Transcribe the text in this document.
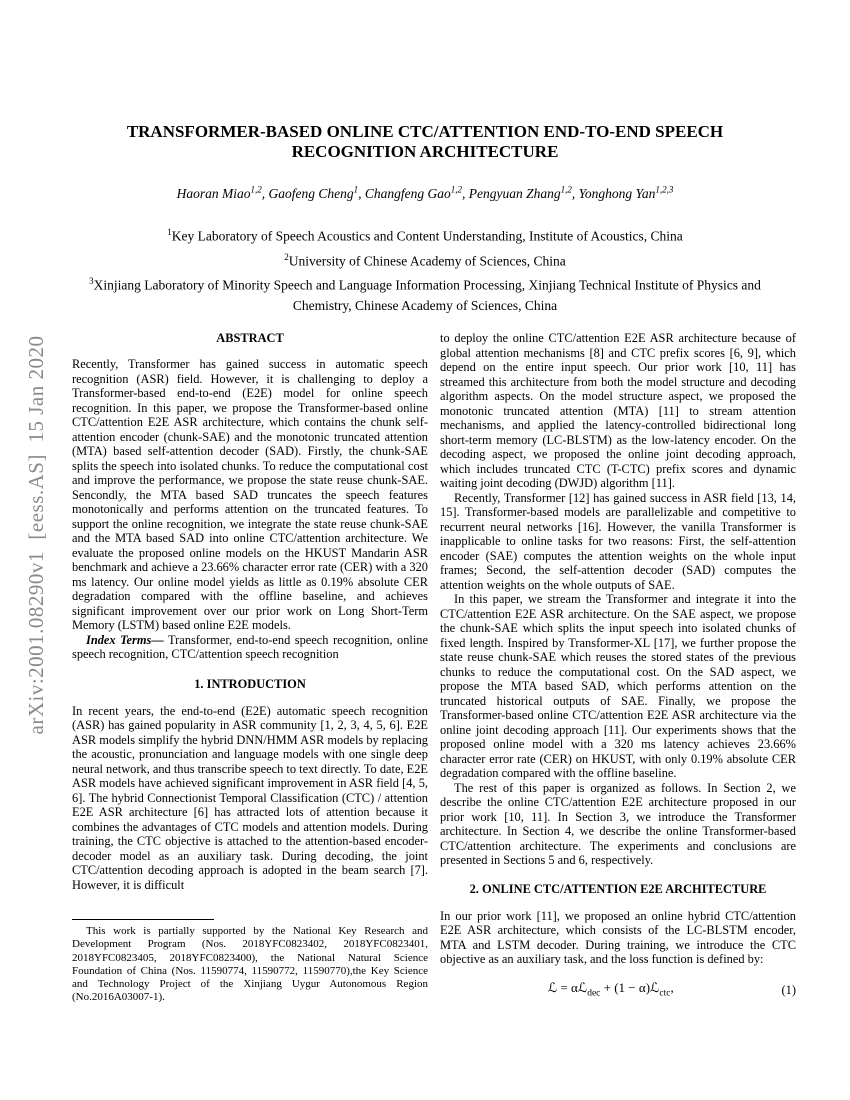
arXiv:2001.08290v1  [eess.AS]  15 Jan 2020
TRANSFORMER-BASED ONLINE CTC/ATTENTION END-TO-END SPEECH
RECOGNITION ARCHITECTURE
Haoran Miao$^{1,2}$, Gaofeng Cheng$^1$, Changfeng Gao$^{1,2}$, Pengyuan Zhang$^{1,2}$, Yonghong Yan$^{1,2,3}$
$^1$Key Laboratory of Speech Acoustics and Content Understanding, Institute of Acoustics, China
$^2$University of Chinese Academy of Sciences, China
$^3$Xinjiang Laboratory of Minority Speech and Language Information Processing, Xinjiang Technical Institute of Physics and Chemistry, Chinese Academy of Sciences, China
ABSTRACT

Recently, Transformer has gained success in automatic speech recognition (ASR) field. However, it is challenging to deploy a Transformer-based end-to-end (E2E) model for online speech recognition. In this paper, we propose the Transformer-based online CTC/attention E2E ASR architecture, which contains the chunk self-attention encoder (chunk-SAE) and the monotonic truncated attention (MTA) based self-attention decoder (SAD). Firstly, the chunk-SAE splits the speech into isolated chunks. To reduce the computational cost and improve the performance, we propose the state reuse chunk-SAE. Sencondly, the MTA based SAD truncates the speech features monotonically and performs attention on the truncated features. To support the online recognition, we integrate the state reuse chunk-SAE and the MTA based SAD into online CTC/attention architecture. We evaluate the proposed online models on the HKUST Mandarin ASR benchmark and achieve a 23.66% character error rate (CER) with a 320 ms latency. Our online model yields as little as 0.19% absolute CER degradation compared with the offline baseline, and achieves significant improvement over our prior work on Long Short-Term Memory (LSTM) based online E2E models.

Index Terms— Transformer, end-to-end speech recognition, online speech recognition, CTC/attention speech recognition

1. INTRODUCTION

In recent years, the end-to-end (E2E) automatic speech recognition (ASR) has gained popularity in ASR community [1, 2, 3, 4, 5, 6]. E2E ASR models simplify the hybrid DNN/HMM ASR models by replacing the acoustic, pronunciation and language models with one single deep neural network, and thus transcribe speech to text directly. To date, E2E ASR models have achieved significant improvement in ASR field [4, 5, 6]. The hybrid Connectionist Temporal Classification (CTC) / attention E2E ASR architecture [6] has attracted lots of attention because it combines the advantages of CTC models and attention models. During training, the CTC objective is attached to the attention-based encoder-decoder model as an auxiliary task. During decoding, the joint CTC/attention decoding approach is adopted in the beam search [7]. However, it is difficult

This work is partially supported by the National Key Research and Development Program (Nos. 2018YFC0823402, 2018YFC0823401, 2018YFC0823405, 2018YFC0823400), the National Natural Science Foundation of China (Nos. 11590774, 11590772, 11590770),the Key Science and Technology Project of the Xinjiang Uygur Autonomous Region (No.2016A03007-1).

to deploy the online CTC/attention E2E ASR architecture because of global attention mechanisms [8] and CTC prefix scores [6, 9], which depend on the entire input speech. Our prior work [10, 11] has streamed this architecture from both the model structure and decoding algorithm aspects. On the model structure aspect, we proposed the monotonic truncated attention (MTA) [11] to stream attention mechanisms, and applied the latency-controlled bidirectional long short-term memory (LC-BLSTM) as the low-latency encoder. On the decoding aspect, we proposed the online joint decoding approach, which includes truncated CTC (T-CTC) prefix scores and dynamic waiting joint decoding (DWJD) algorithm [11].

Recently, Transformer [12] has gained success in ASR field [13, 14, 15]. Transformer-based models are parallelizable and competitive to recurrent neural networks [16]. However, the vanilla Transformer is inapplicable to online tasks for two reasons: First, the self-attention encoder (SAE) computes the attention weights on the whole input frames; Second, the self-attention decoder (SAD) computes the attention weights on the whole outputs of SAE.

In this paper, we stream the Transformer and integrate it into the CTC/attention E2E ASR architecture. On the SAE aspect, we propose the chunk-SAE which splits the input speech into isolated chunks of fixed length. Inspired by Transformer-XL [17], we further propose the state reuse chunk-SAE which reuses the stored states of the previous chunks to reduce the computational cost. On the SAD aspect, we propose the MTA based SAD, which performs attention on the truncated historical outputs of SAE. Finally, we propose the Transformer-based online CTC/attention E2E ASR architecture via the online joint decoding approach [11]. Our experiments shows that the proposed online model with a 320 ms latency achieves 23.66% character error rate (CER) on HKUST, with only 0.19% absolute CER degradation compared with the offline baseline.

The rest of this paper is organized as follows. In Section 2, we describe the online CTC/attention E2E architecture proposed in our prior work [10, 11]. In Section 3, we introduce the Transformer architecture. In Section 4, we describe the online Transformer-based CTC/attention architecture. The experiments and conclusions are presented in Sections 5 and 6, respectively.

2. ONLINE CTC/ATTENTION E2E ARCHITECTURE

In our prior work [11], we proposed an online hybrid CTC/attention E2E ASR architecture, which consists of the LC-BLSTM encoder, MTA and LSTM decoder. During training, we introduce the CTC objective as an auxiliary task, and the loss function is defined by:

ℒ = αℒ$_{dec}$ + (1 − α)ℒ$_{ctc}$,	(1)
